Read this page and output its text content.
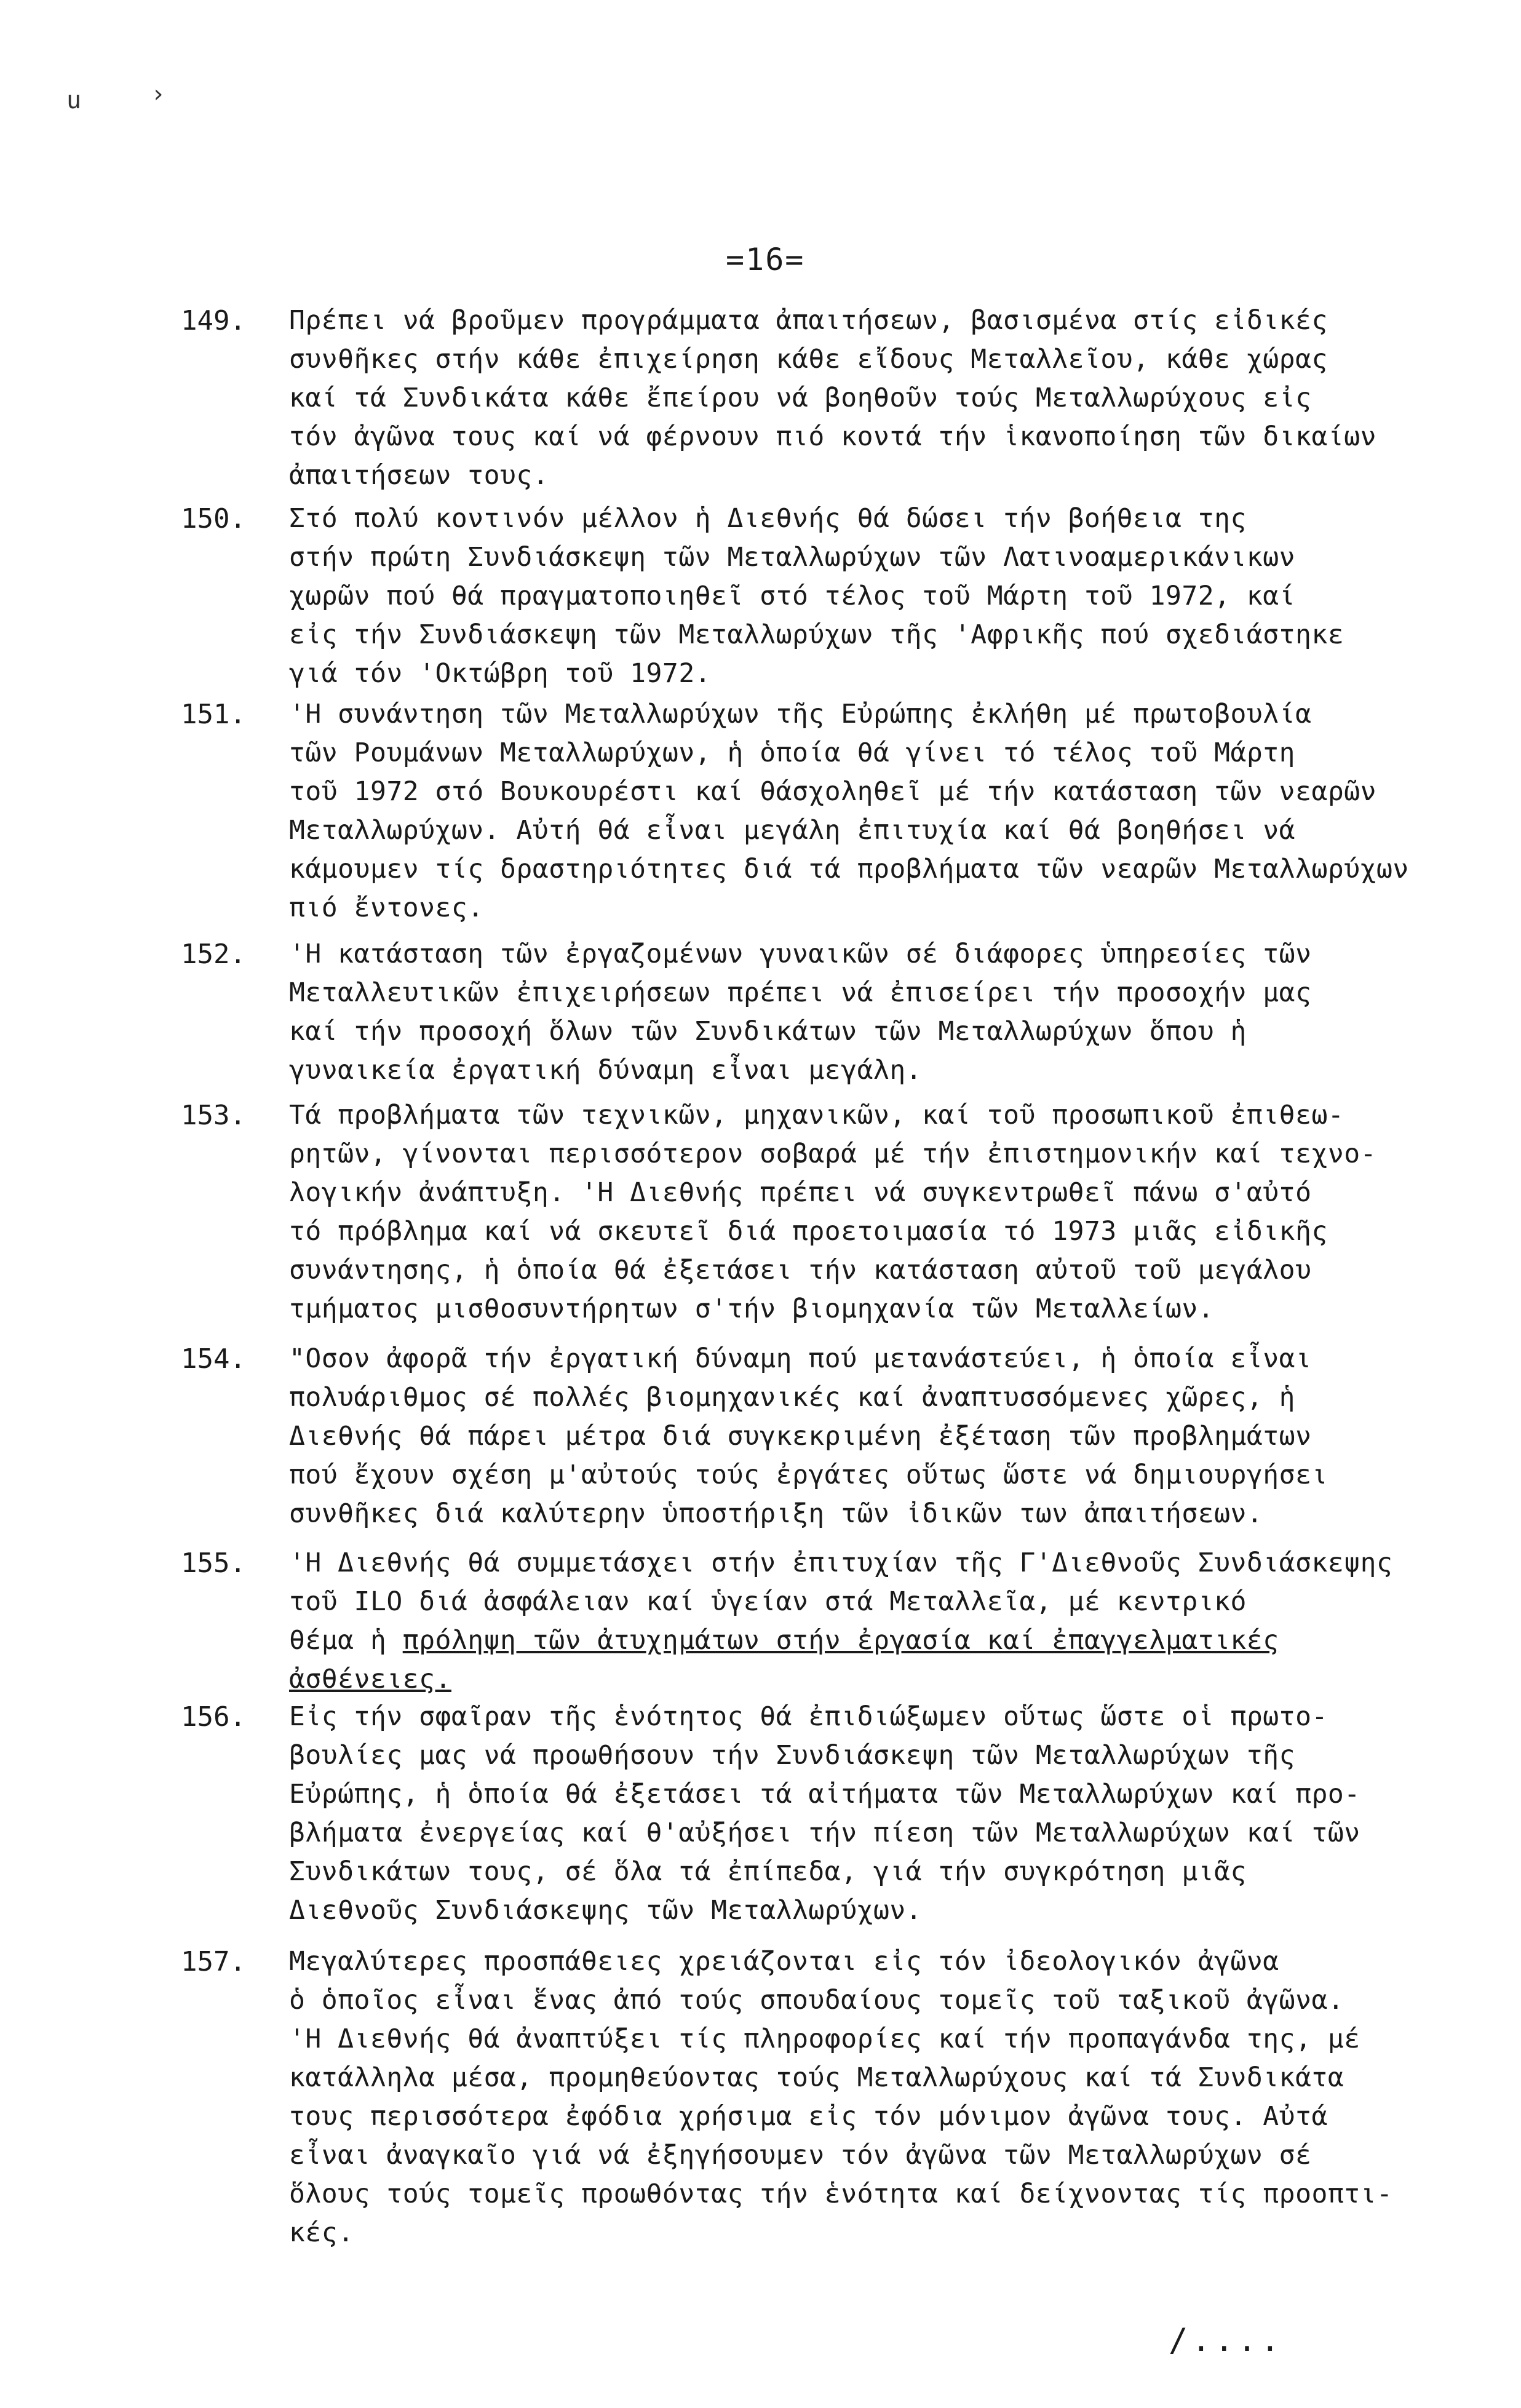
u	›
=16=
149. Πρέπει νά βροῦμεν προγράμματα ἀπαιτήσεων, βασισμένα στίς εἰδικές
συνθῆκες στήν κάθε ἐπιχείρηση κάθε εἴδους Μεταλλεῖου, κάθε χώρας
καί τά Συνδικάτα κάθε ἔπείρου νά βοηθοῦν τούς Μεταλλωρύχους εἰς
τόν ἀγῶνα τους καί νά φέρνουν πιό κοντά τήν ἱκανοποίηση τῶν δικαίων
ἀπαιτήσεων τους.
150. Στό πολύ κοντινόν μέλλον ἡ Διεθνής θά δώσει τήν βοήθεια της
στήν πρώτη Συνδιάσκεψη τῶν Μεταλλωρύχων τῶν Λατινοαμερικάνικων
χωρῶν πού θά πραγματοποιηθεῖ στό τέλος τοῦ Μάρτη τοῦ 1972, καί
εἰς τήν Συνδιάσκεψη τῶν Μεταλλωρύχων τῆς 'Αφρικῆς πού σχεδιάστηκε
γιά τόν 'Οκτώβρη τοῦ 1972.
151. 'Η συνάντηση τῶν Μεταλλωρύχων τῆς Εὐρώπης ἐκλήθη μέ πρωτοβουλία
τῶν Ρουμάνων Μεταλλωρύχων, ἡ ὁποία θά γίνει τό τέλος τοῦ Μάρτη
τοῦ 1972 στό Βουκουρέστι καί θάσχοληθεῖ μέ τήν κατάσταση τῶν νεαρῶν
Μεταλλωρύχων. Αὐτή θά εἶναι μεγάλη ἐπιτυχία καί θά βοηθήσει νά
κάμουμεν τίς δραστηριότητες διά τά προβλήματα τῶν νεαρῶν Μεταλλωρύχων
πιό ἔντονες.
152. 'Η κατάσταση τῶν ἐργαζομένων γυναικῶν σέ διάφορες ὑπηρεσίες τῶν
Μεταλλευτικῶν ἐπιχειρήσεων πρέπει νά ἐπισείρει τήν προσοχήν μας
καί τήν προσοχή ὅλων τῶν Συνδικάτων τῶν Μεταλλωρύχων ὅπου ἡ
γυναικεία ἐργατική δύναμη εἶναι μεγάλη.
153. Τά προβλήματα τῶν τεχνικῶν, μηχανικῶν, καί τοῦ προσωπικοῦ ἐπιθεω-
ρητῶν, γίνονται περισσότερον σοβαρά μέ τήν ἐπιστημονικήν καί τεχνο-
λογικήν ἀνάπτυξη. 'Η Διεθνής πρέπει νά συγκεντρωθεῖ πάνω σ'αὐτό
τό πρόβλημα καί νά σκευτεῖ διά προετοιμασία τό 1973 μιᾶς εἰδικῆς
συνάντησης, ἡ ὁποία θά ἐξετάσει τήν κατάσταση αὐτοῦ τοῦ μεγάλου
τμήματος μισθοσυντήρητων σ'τήν βιομηχανία τῶν Μεταλλείων.
154. "Οσον ἀφορᾶ τήν ἐργατική δύναμη πού μετανάστεύει, ἡ ὁποία εἶναι
πολυάριθμος σέ πολλές βιομηχανικές καί ἀναπτυσσόμενες χῶρες, ἡ
Διεθνής θά πάρει μέτρα διά συγκεκριμένη ἐξέταση τῶν προβλημάτων
πού ἔχουν σχέση μ'αὐτούς τούς ἐργάτες οὕτως ὥστε νά δημιουργήσει
συνθῆκες διά καλύτερην ὑποστήριξη τῶν ἰδικῶν των ἀπαιτήσεων.
155. 'Η Διεθνής θά συμμετάσχει στήν ἐπιτυχίαν τῆς Γ'Διεθνοῦς Συνδιάσκεψης
τοῦ ILO διά ἀσφάλειαν καί ὑγείαν στά Μεταλλεῖα, μέ κεντρικό
θέμα ἡ πρόληψη τῶν ἀτυχημάτων στήν ἐργασία καί ἐπαγγελματικές
ἀσθένειες.
156. Εἰς τήν σφαῖραν τῆς ἑνότητος θά ἐπιδιώξωμεν οὕτως ὥστε οἱ πρωτο-
βουλίες μας νά προωθήσουν τήν Συνδιάσκεψη τῶν Μεταλλωρύχων τῆς
Εὐρώπης, ἡ ὁποία θά ἐξετάσει τά αἰτήματα τῶν Μεταλλωρύχων καί προ-
βλήματα ἐνεργείας καί θ'αὐξήσει τήν πίεση τῶν Μεταλλωρύχων καί τῶν
Συνδικάτων τους, σέ ὅλα τά ἐπίπεδα, γιά τήν συγκρότηση μιᾶς
Διεθνοῦς Συνδιάσκεψης τῶν Μεταλλωρύχων.
157. Μεγαλύτερες προσπάθειες χρειάζονται εἰς τόν ἰδεολογικόν ἀγῶνα
ὁ ὁποῖος εἶναι ἕνας ἀπό τούς σπουδαίους τομεῖς τοῦ ταξικοῦ ἀγῶνα.
'Η Διεθνής θά ἀναπτύξει τίς πληροφορίες καί τήν προπαγάνδα της, μέ
κατάλληλα μέσα, προμηθεύοντας τούς Μεταλλωρύχους καί τά Συνδικάτα
τους περισσότερα ἐφόδια χρήσιμα εἰς τόν μόνιμον ἀγῶνα τους. Αὐτά
εἶναι ἀναγκαῖο γιά νά ἐξηγήσουμεν τόν ἀγῶνα τῶν Μεταλλωρύχων σέ
ὅλους τούς τομεῖς προωθόντας τήν ἑνότητα καί δείχνοντας τίς προοπτι-
κές.
/....
